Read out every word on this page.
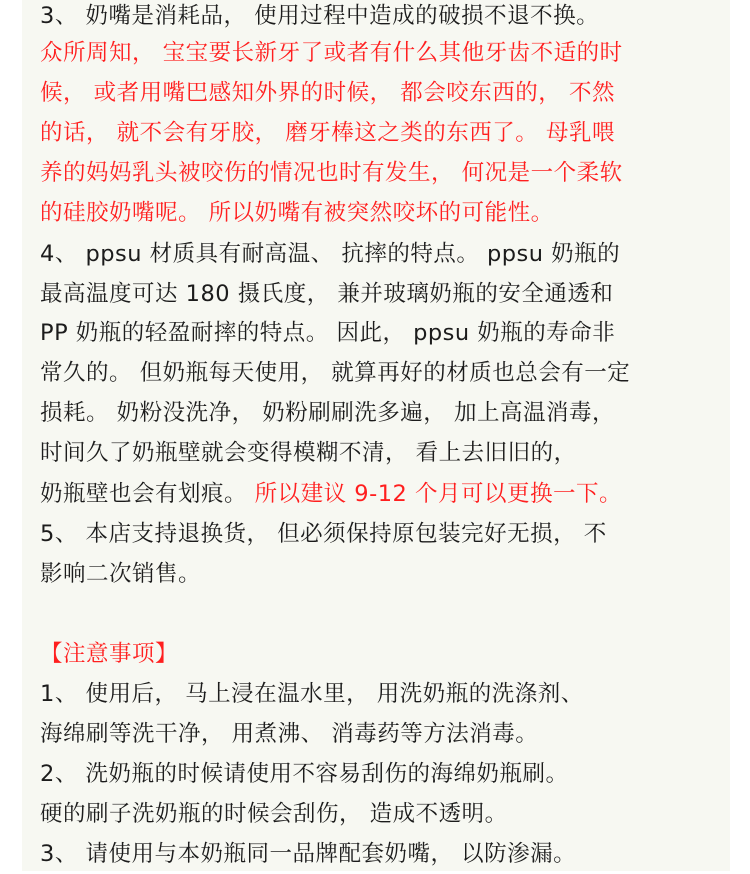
3、 奶嘴是消耗品， 使用过程中造成的破损不退不换。
众所周知， 宝宝要长新牙了或者有什么其他牙齿不适的时
候， 或者用嘴巴感知外界的时候， 都会咬东西的， 不然
的话， 就不会有牙胶， 磨牙棒这之类的东西了。 母乳喂
养的妈妈乳头被咬伤的情况也时有发生， 何况是一个柔软
的硅胶奶嘴呢。 所以奶嘴有被突然咬坏的可能性。
4、 ppsu 材质具有耐高温、 抗摔的特点。 ppsu 奶瓶的
最高温度可达 180 摄氏度， 兼并玻璃奶瓶的安全通透和
PP 奶瓶的轻盈耐摔的特点。 因此， ppsu 奶瓶的寿命非
常久的。 但奶瓶每天使用， 就算再好的材质也总会有一定
损耗。 奶粉没洗净， 奶粉刷刷洗多遍， 加上高温消毒，
时间久了奶瓶壁就会变得模糊不清， 看上去旧旧的，
奶瓶壁也会有划痕。 所以建议 9-12 个月可以更换一下。
5、 本店支持退换货， 但必须保持原包装完好无损， 不
影响二次销售。
【注意事项】
1、 使用后， 马上浸在温水里， 用洗奶瓶的洗涤剂、
海绵刷等洗干净， 用煮沸、 消毒药等方法消毒。
2、 洗奶瓶的时候请使用不容易刮伤的海绵奶瓶刷。
硬的刷子洗奶瓶的时候会刮伤， 造成不透明。
3、 请使用与本奶瓶同一品牌配套奶嘴， 以防渗漏。
